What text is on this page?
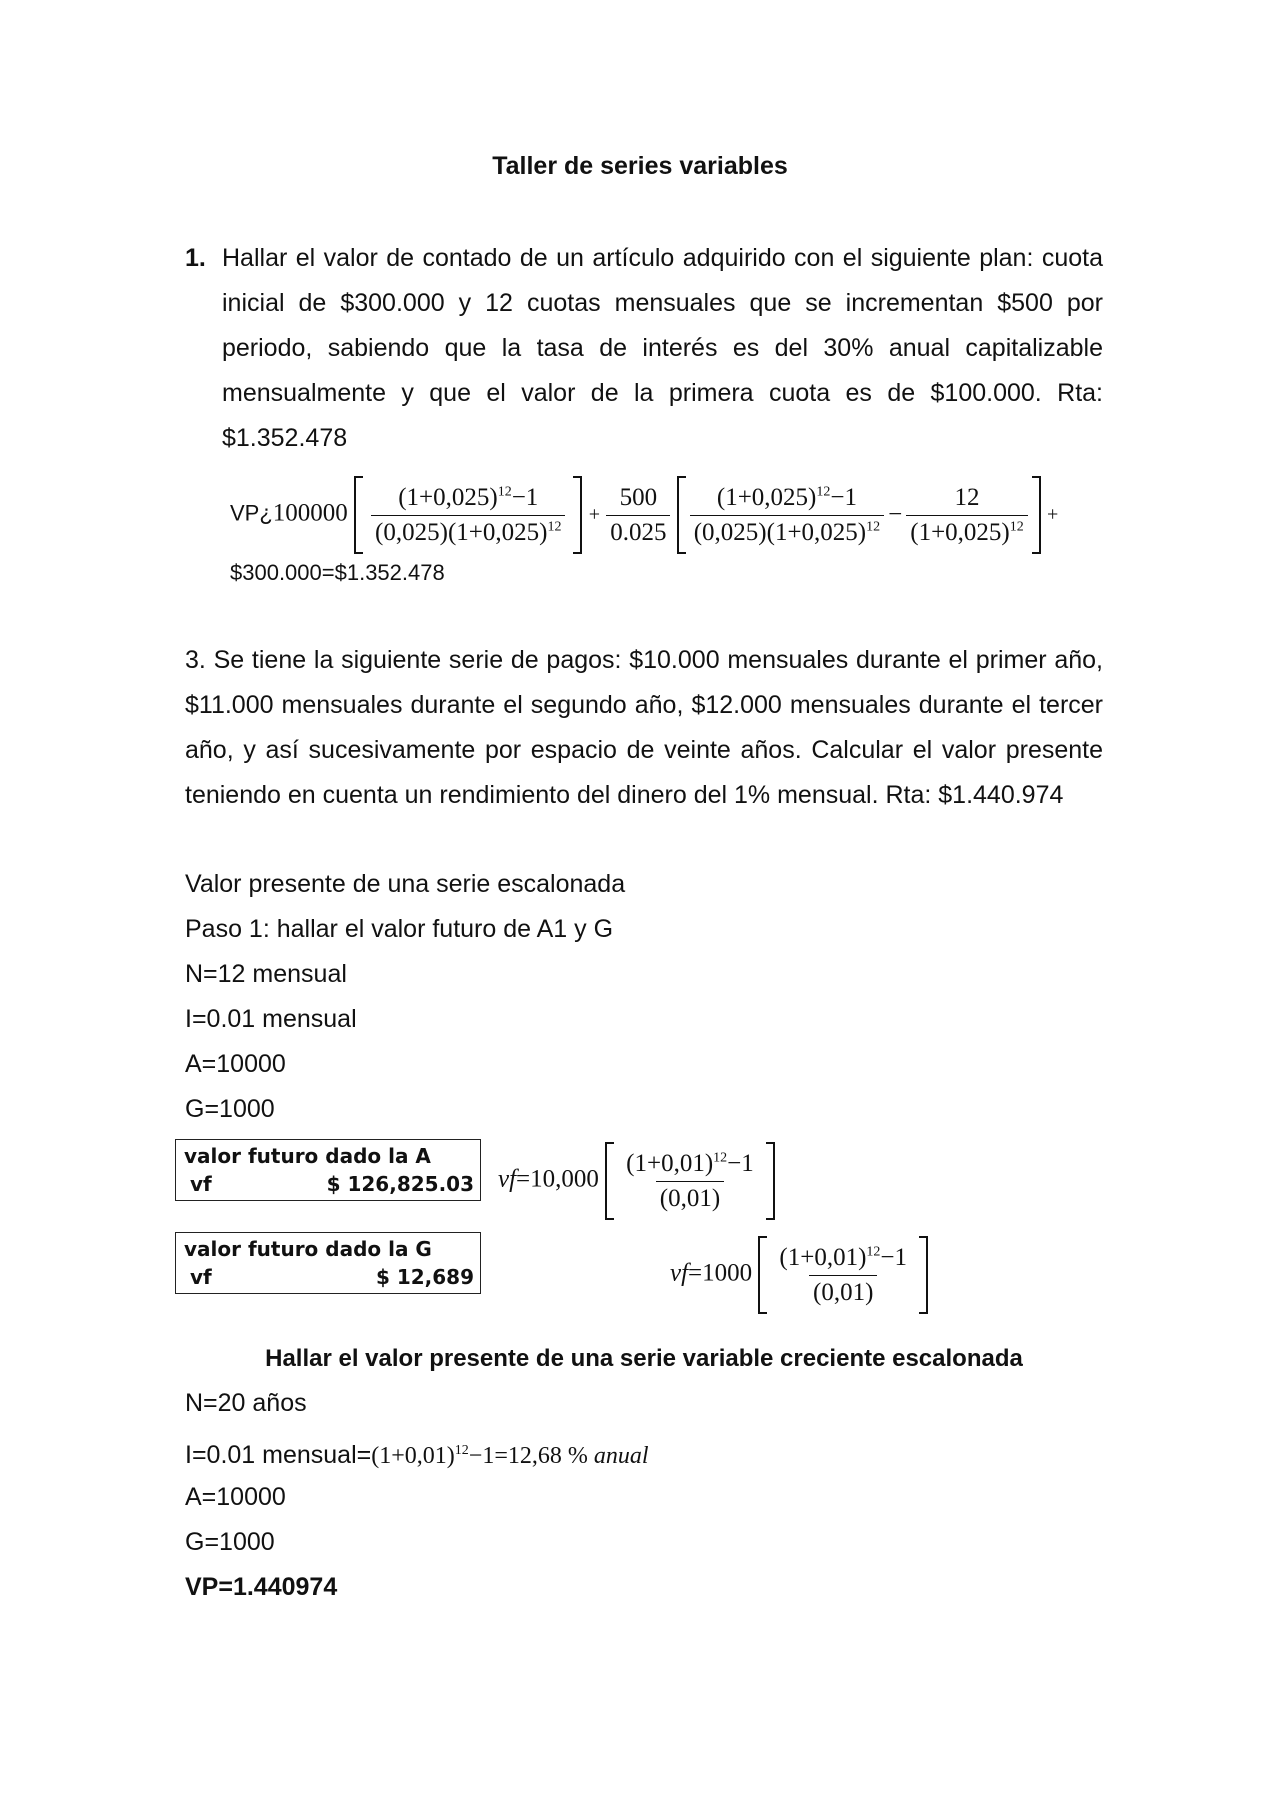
Taller de series variables
1. Hallar el valor de contado de un artículo adquirido con el siguiente plan: cuota inicial de $300.000 y 12 cuotas mensuales que se incrementan $500 por periodo, sabiendo que la tasa de interés es del 30% anual capitalizable mensualmente y que el valor de la primera cuota es de $100.000. Rta: $1.352.478
VP¿100000 $\frac{(1+0,025)^{12}-1}{(0,025)(1+0,025)^{12}} + \frac{500}{0.025}$
$\frac{(1+0,025)^{12}-1}{(0,025)(1+0,025)^{12}} - \frac{12}{(1+0,025)^{12}}$ +
$300.000=$1.352.478
3. Se tiene la siguiente serie de pagos: $10.000 mensuales durante el primer año, $11.000 mensuales durante el segundo año, $12.000 mensuales durante el tercer año, y así sucesivamente por espacio de veinte años. Calcular el valor presente teniendo en cuenta un rendimiento del dinero del 1% mensual. Rta: $1.440.974
Valor presente de una serie escalonada
Paso 1: hallar el valor futuro de A1 y G
N=12 mensual
I=0.01 mensual
A=10000
G=1000
valor futuro dado la A
vf	$ 126,825.03 $vf=10,000 \frac{(1+0,01)^{12}-1}{(0,01)}$
valor futuro dado la G
vf	$ 12,689	$vf=1000 \frac{(1+0,01)^{12}-1}{(0,01)}$
Hallar el valor presente de una serie variable creciente escalonada
N=20 años
I=0.01 $mensual=(1+0,01)^{12}-1=12,68$ % anual
A=10000
G=1000
VP=1.440974
